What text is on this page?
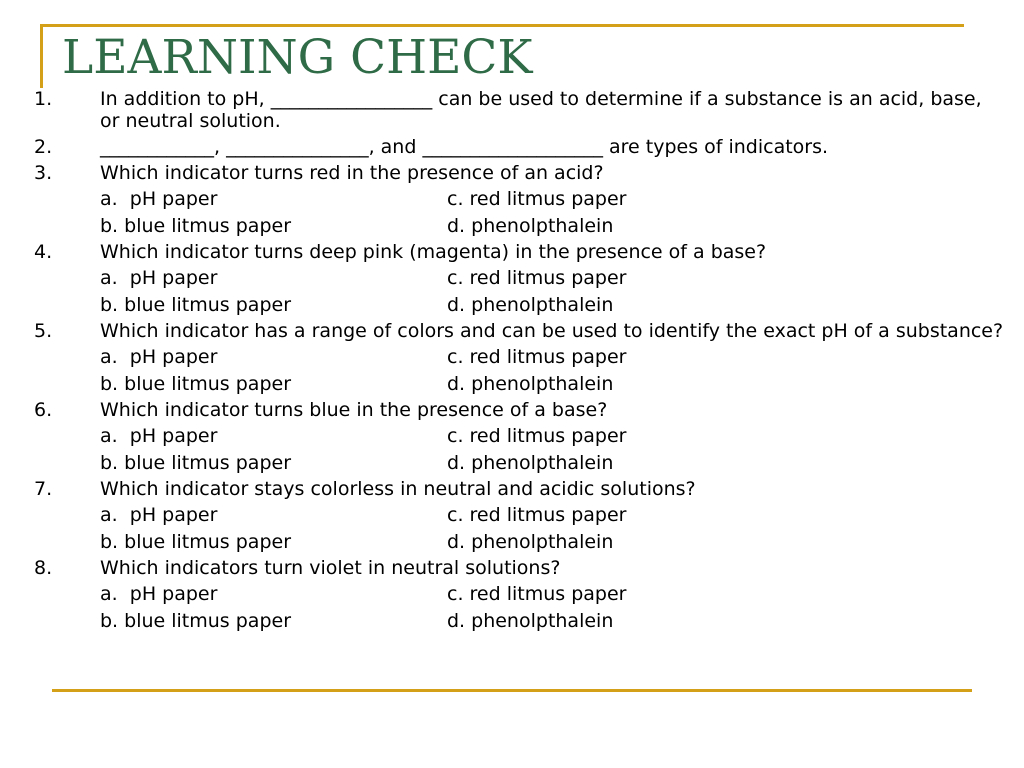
LEARNING CHECK
1.	In addition to pH, _________________ can be used to determine if a substance is an acid, base, or neutral solution.
2.	____________, _______________, and ___________________ are types of indicators.
3.	Which indicator turns red in the presence of an acid?
a.  pH paper	c. red litmus paper
b. blue litmus paper	d. phenolpthalein
4.	Which indicator turns deep pink (magenta) in the presence of a base?
a.  pH paper	c. red litmus paper
b. blue litmus paper	d. phenolpthalein
5.	Which indicator has a range of colors and can be used to identify the exact pH of a substance?
a.  pH paper	c. red litmus paper
b. blue litmus paper	d. phenolpthalein
6.	Which indicator turns blue in the presence of a base?
a.  pH paper	c. red litmus paper
b. blue litmus paper	d. phenolpthalein
7.	Which indicator stays colorless in neutral and acidic solutions?
a.  pH paper	c. red litmus paper
b. blue litmus paper	d. phenolpthalein
8.	Which indicators turn violet in neutral solutions?
a.  pH paper	c. red litmus paper
b. blue litmus paper	d. phenolpthalein
